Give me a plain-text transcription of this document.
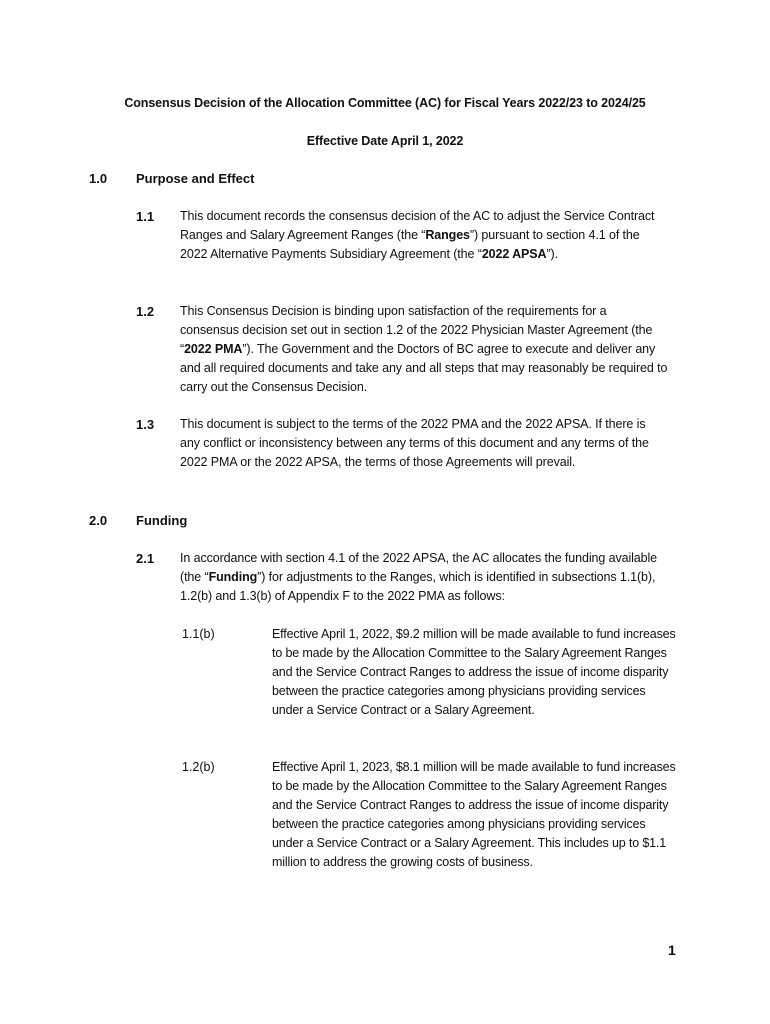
Consensus Decision of the Allocation Committee (AC) for Fiscal Years 2022/23 to 2024/25
Effective Date April 1, 2022
1.0 Purpose and Effect
1.1 This document records the consensus decision of the AC to adjust the Service Contract Ranges and Salary Agreement Ranges (the “Ranges”) pursuant to section 4.1 of the 2022 Alternative Payments Subsidiary Agreement (the “2022 APSA”).
1.2 This Consensus Decision is binding upon satisfaction of the requirements for a consensus decision set out in section 1.2 of the 2022 Physician Master Agreement (the “2022 PMA”). The Government and the Doctors of BC agree to execute and deliver any and all required documents and take any and all steps that may reasonably be required to carry out the Consensus Decision.
1.3 This document is subject to the terms of the 2022 PMA and the 2022 APSA. If there is any conflict or inconsistency between any terms of this document and any terms of the 2022 PMA or the 2022 APSA, the terms of those Agreements will prevail.
2.0 Funding
2.1 In accordance with section 4.1 of the 2022 APSA, the AC allocates the funding available (the “Funding”) for adjustments to the Ranges, which is identified in subsections 1.1(b), 1.2(b) and 1.3(b) of Appendix F to the 2022 PMA as follows:
1.1(b)	Effective April 1, 2022, $9.2 million will be made available to fund increases to be made by the Allocation Committee to the Salary Agreement Ranges and the Service Contract Ranges to address the issue of income disparity between the practice categories among physicians providing services under a Service Contract or a Salary Agreement.
1.2(b)	Effective April 1, 2023, $8.1 million will be made available to fund increases to be made by the Allocation Committee to the Salary Agreement Ranges and the Service Contract Ranges to address the issue of income disparity between the practice categories among physicians providing services under a Service Contract or a Salary Agreement. This includes up to $1.1 million to address the growing costs of business.
1
